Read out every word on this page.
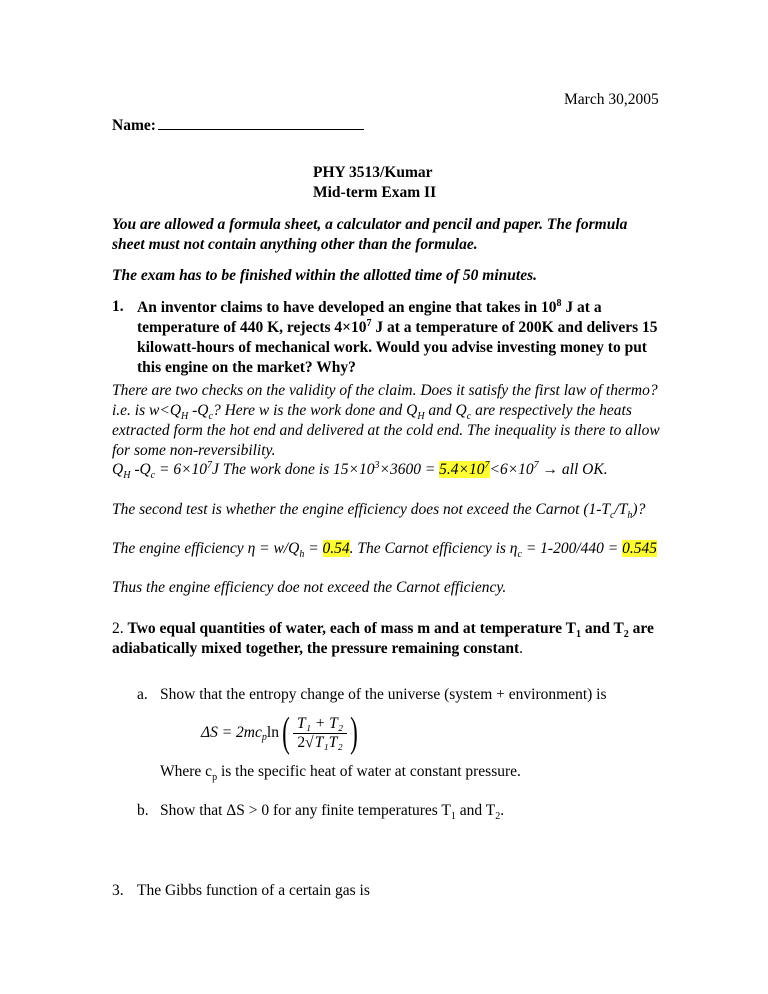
March 30,2005
Name:
PHY 3513/Kumar
Mid-term Exam II
You are allowed a formula sheet, a calculator and pencil and paper. The formula sheet must not contain anything other than the formulae.
The exam has to be finished within the allotted time of 50 minutes.
1. An inventor claims to have developed an engine that takes in $10^8$ J at a temperature of 440 K, rejects $4\times 10^7$ J at a temperature of 200K and delivers 15 kilowatt-hours of mechanical work. Would you advise investing money to put this engine on the market? Why?
There are two checks on the validity of the claim. Does it satisfy the first law of thermo? i.e. is $w<Q_H$ $-Q_c$? Here w is the work done and $Q_H$ and $Q_c$ are respectively the heats extracted form the hot end and delivered at the cold end. The inequality is there to allow for some non-reversibility.
$Q_H$ $-Q_c = 6\times 10^7J$ The work done is $15\times 10^3\times 3600 = 5.4\times 10^7<6\times 10^7$ → all OK.
The second test is whether the engine efficiency does not exceed the Carnot $(1-T_c/T_h)$?
The engine efficiency $\eta = w/Q_h = 0.54$. The Carnot efficiency is $\eta_c = 1-200/440 = 0.545$
Thus the engine efficiency doe not exceed the Carnot efficiency.
2. Two equal quantities of water, each of mass m and at temperature $T_1$ and $T_2$ are adiabatically mixed together, the pressure remaining constant.
a. Show that the entropy change of the universe (system + environment) is
ΔS = 2mc p ln ( $\frac{\text{T₁ + T₂}}{\text{2√T₁T₂}}$ )
Where $c_p$ is the specific heat of water at constant pressure.
b. Show that ΔS > 0 for any finite temperatures $T_1$ and $T_2$.
3. The Gibbs function of a certain gas is
